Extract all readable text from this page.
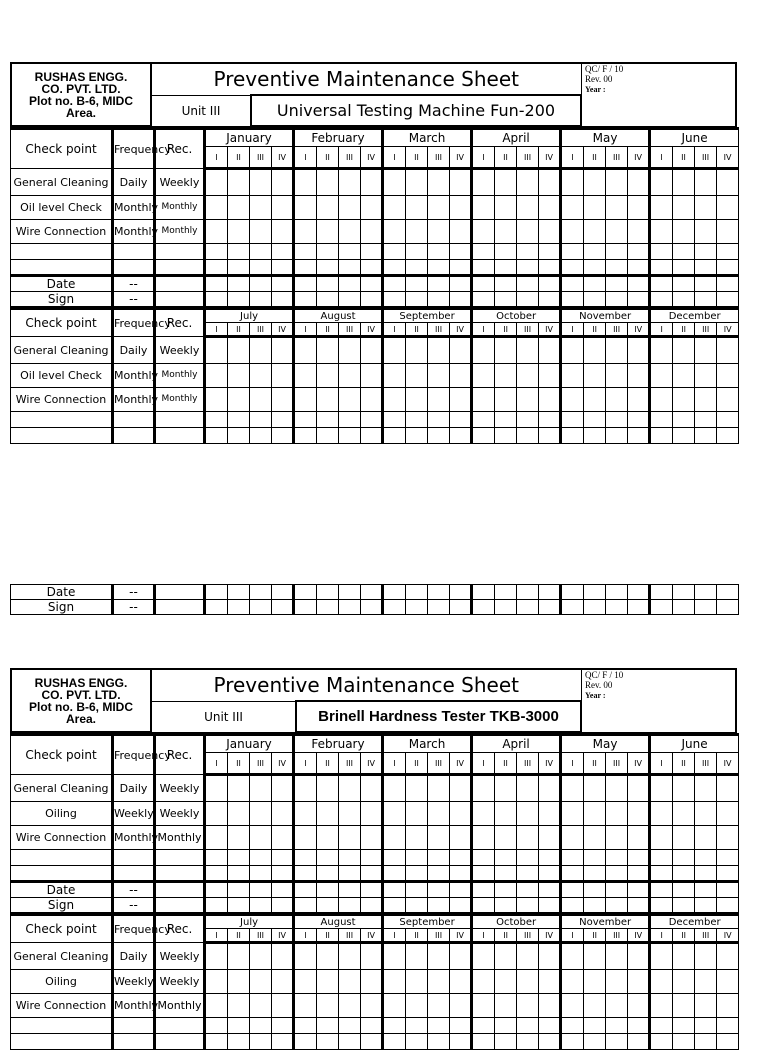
RUSHAS ENGG.
CO. PVT. LTD.
Plot no. B-6, MIDC
Area.	Preventive Maintenance Sheet		QC/ F / 10
Rev. 00
Year :
	Unit III	Universal Testing Machine Fun-200	
Check point	Frequency	Rec.	January				February				March				April				May				June			
			I	II	III	IV	I	II	III	IV	I	II	III	IV	I	II	III	IV	I	II	III	IV	I	II	III	IV
General Cleaning	Daily	Weekly																								
Oil level Check	Monthly	Monthly																								
Wire Connection	Monthly	Monthly																								

Date	--																									
Sign	--																									
Check point	Frequency	Rec.	July				August				September				October				November				December			
			I	II	III	IV	I	II	III	IV	I	II	III	IV	I	II	III	IV	I	II	III	IV	I	II	III	IV
General Cleaning	Daily	Weekly																								
Oil level Check	Monthly	Monthly																								
Wire Connection	Monthly	Monthly																								

Date	--																									
Sign	--																									
RUSHAS ENGG.
CO. PVT. LTD.
Plot no. B-6, MIDC
Area.	Preventive Maintenance Sheet		QC/ F / 10
Rev. 00
Year :
	Unit III	Brinell Hardness Tester TKB-3000	
Check point	Frequency	Rec.	January				February				March				April				May				June			
			I	II	III	IV	I	II	III	IV	I	II	III	IV	I	II	III	IV	I	II	III	IV	I	II	III	IV
General Cleaning	Daily	Weekly																								
Oiling	Weekly	Weekly																								
Wire Connection	Monthly	Monthly																								

Date	--																									
Sign	--																									
Check point	Frequency	Rec.	July				August				September				October				November				December			
			I	II	III	IV	I	II	III	IV	I	II	III	IV	I	II	III	IV	I	II	III	IV	I	II	III	IV
General Cleaning	Daily	Weekly																								
Oiling	Weekly	Weekly																								
Wire Connection	Monthly	Monthly																								
